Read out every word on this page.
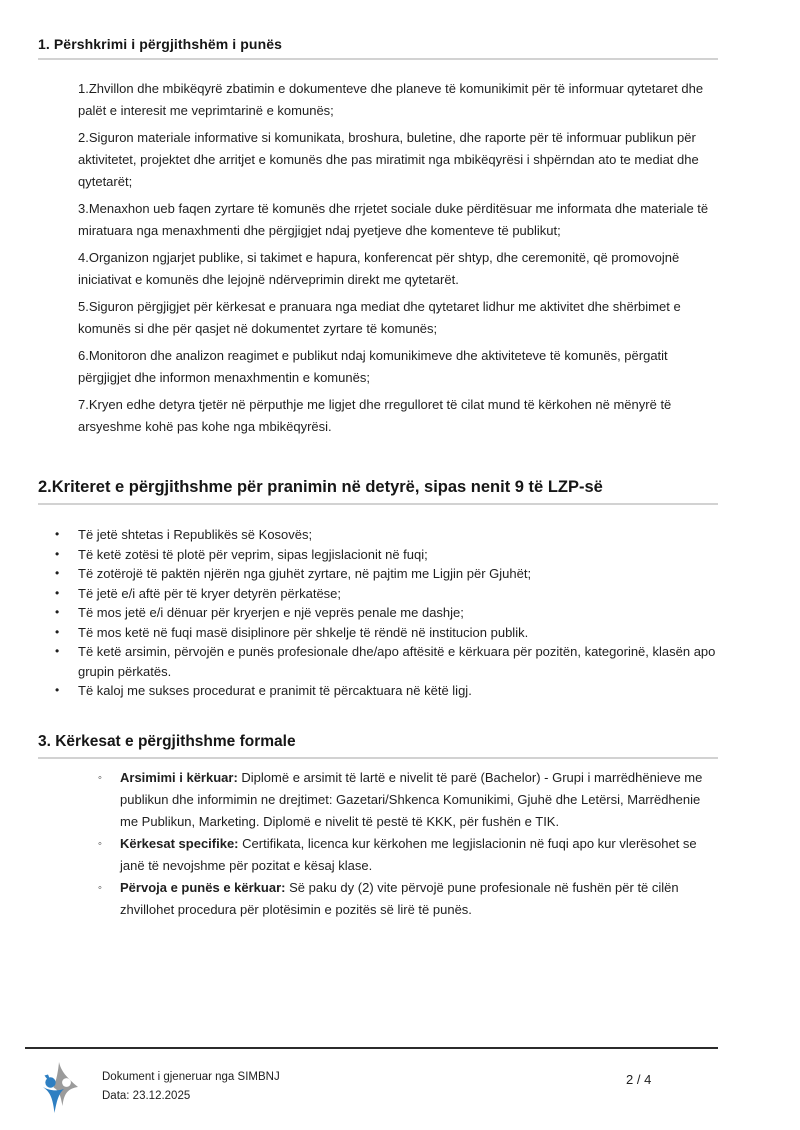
1. Përshkrimi i përgjithshëm i punës

1.Zhvillon dhe mbikëqyrë zbatimin e dokumenteve dhe planeve të komunikimit për të informuar qytetaret dhe palët e interesit me veprimtarinë e komunës;

2.Siguron materiale informative si komunikata, broshura, buletine, dhe raporte për të informuar publikun për aktivitetet, projektet dhe arritjet e komunës dhe pas miratimit nga mbikëqyrësi i shpërndan ato te mediat dhe qytetarët;

3.Menaxhon ueb faqen zyrtare të komunës dhe rrjetet sociale duke përditësuar me informata dhe materiale të miratuara nga menaxhmenti dhe përgjigjet ndaj pyetjeve dhe komenteve të publikut;

4.Organizon ngjarjet publike, si takimet e hapura, konferencat për shtyp, dhe ceremonitë, që promovojnë iniciativat e komunës dhe lejojnë ndërveprimin direkt me qytetarët.

5.Siguron përgjigjet për kërkesat e pranuara nga mediat dhe qytetaret lidhur me aktivitet dhe shërbimet e komunës si dhe për qasjet në dokumentet zyrtare të komunës;

6.Monitoron dhe analizon reagimet e publikut ndaj komunikimeve dhe aktiviteteve të komunës, përgatit përgjigjet dhe informon menaxhmentin e komunës;

7.Kryen edhe detyra tjetër në përputhje me ligjet dhe rregulloret të cilat mund të kërkohen në mënyrë të arsyeshme kohë pas kohe nga mbikëqyrësi.

2.Kriteret e përgjithshme për pranimin në detyrë, sipas nenit 9 të LZP-së
• Të jetë shtetas i Republikës së Kosovës;
• Të ketë zotësi të plotë për veprim, sipas legjislacionit në fuqi;
• Të zotërojë të paktën njërën nga gjuhët zyrtare, në pajtim me Ligjin për Gjuhët;
• Të jetë e/i aftë për të kryer detyrën përkatëse;
• Të mos jetë e/i dënuar për kryerjen e një veprës penale me dashje;
• Të mos ketë në fuqi masë disiplinore për shkelje të rëndë në institucion publik.
• Të ketë arsimin, përvojën e punës profesionale dhe/apo aftësitë e kërkuara për pozitën, kategorinë, klasën apo grupin përkatës.
• Të kaloj me sukses procedurat e pranimit të përcaktuara në këtë ligj.
3. Kërkesat e përgjithshme formale
◦ Arsimimi i kërkuar: Diplomë e arsimit të lartë e nivelit të parë (Bachelor) - Grupi i marrëdhënieve me publikun dhe informimin ne drejtimet: Gazetari/Shkenca Komunikimi, Gjuhë dhe Letërsi, Marrëdhenie me Publikun, Marketing. Diplomë e nivelit të pestë të KKK, për fushën e TIK.
◦ Kërkesat specifike: Certifikata, licenca kur kërkohen me legjislacionin në fuqi apo kur vlerësohet se janë të nevojshme për pozitat e kësaj klase.
◦ Përvoja e punës e kërkuar: Së paku dy (2) vite përvojë pune profesionale në fushën për të cilën zhvillohet procedura për plotësimin e pozitës së lirë të punës.
Dokument i gjeneruar nga SIMBNJ
Data: 23.12.2025
2 / 4
